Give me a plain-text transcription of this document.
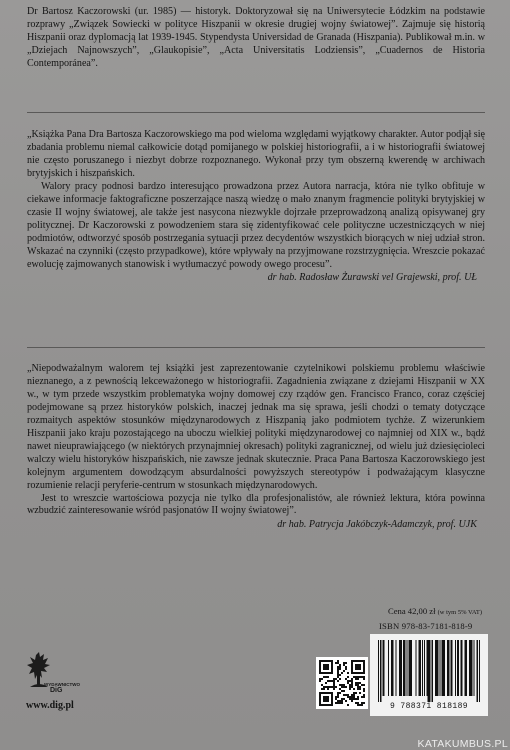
Dr Bartosz Kaczorowski (ur. 1985) — historyk. Doktoryzował się na Uniwersytecie Łódzkim na podstawie rozprawy „Związek Sowiecki w polityce Hiszpanii w okresie drugiej wojny światowej”. Zajmuje się historią Hiszpanii oraz dyplomacją lat 1939-1945. Stypendysta Universidad de Granada (Hiszpania). Publikował m.in. w „Dziejach Najnowszych”, „Glaukopisie”, „Acta Universitatis Lodziensis”, „Cuadernos de Historia Contemporánea”.

„Książka Pana Dra Bartosza Kaczorowskiego ma pod wieloma względami wyjątkowy charakter. Autor podjął się zbadania problemu niemal całkowicie dotąd pomijanego w polskiej historiografii, a i w historiografii światowej nie często poruszanego i niezbyt dobrze rozpoznanego. Wykonał przy tym obszerną kwerendę w archiwach brytyjskich i hiszpańskich.

Walory pracy podnosi bardzo interesująco prowadzona przez Autora narracja, która nie tylko obfituje w ciekawe informacje faktograficzne poszerzające naszą wiedzę o mało znanym fragmencie polityki brytyjskiej w czasie II wojny światowej, ale także jest nasycona niezwykle dojrzałe przeprowadzoną analizą opisywanej gry politycznej. Dr Kaczorowski z powodzeniem stara się zidentyfikować cele polityczne uczestniczących w niej podmiotów, odtworzyć sposób postrzegania sytuacji przez decydentów wszystkich biorących w niej udział stron. Wskazać na czynniki (często przypadkowe), które wpływały na przyjmowane rozstrzygnięcia. Wreszcie pokazać ewolucję zajmowanych stanowisk i wytłumaczyć powody owego procesu”.

dr hab. Radosław Żurawski vel Grajewski, prof. UŁ

„Niepodważalnym walorem tej książki jest zaprezentowanie czytelnikowi polskiemu problemu właściwie nieznanego, a z pewnością lekceważonego w historiografii. Zagadnienia związane z dziejami Hiszpanii w XX w., w tym przede wszystkim problematyka wojny domowej czy rządów gen. Francisco Franco, coraz częściej podejmowane są przez historyków polskich, inaczej jednak ma się sprawa, jeśli chodzi o tematy dotyczące rozmaitych aspektów stosunków międzynarodowych z Hiszpanią jako podmiotem tychże. Z wizerunkiem Hiszpanii jako kraju pozostającego na uboczu wielkiej polityki międzynarodowej co najmniej od XIX w., bądź nawet nieuprawiającego (w niektórych przynajmniej okresach) polityki zagranicznej, od wielu już dziesięcioleci walczy wielu historyków hiszpańskich, nie zawsze jednak skutecznie. Praca Pana Bartosza Kaczorowskiego jest kolejnym argumentem dowodzącym absurdalności powyższych stereotypów i podważającym klasyczne rozumienie relacji peryferie-centrum w stosunkach międzynarodowych.

Jest to wreszcie wartościowa pozycja nie tylko dla profesjonalistów, ale również lektura, która powinna wzbudzić zainteresowanie wśród pasjonatów II wojny światowej”.

dr hab. Patrycja Jakóbczyk-Adamczyk, prof. UJK
Cena 42,00 zł (w tym 5% VAT)
ISBN 978-83-7181-818-9
WYDAWNICTWO
DiG
www.dig.pl	9 788371 818189
KATAKUMBUS.PL
